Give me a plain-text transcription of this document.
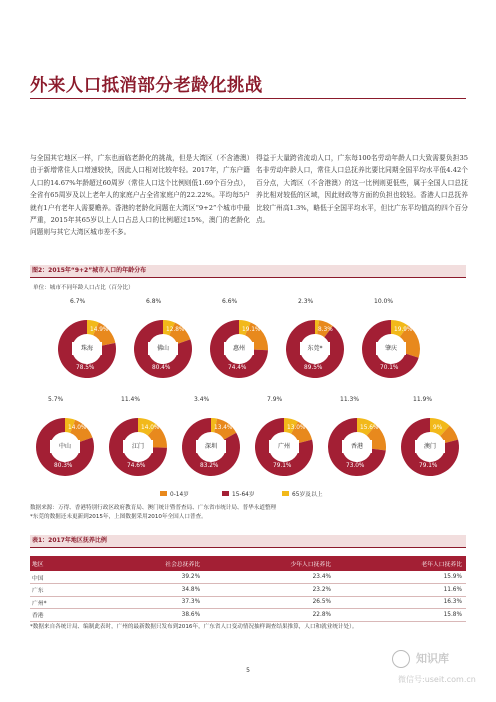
外来人口抵消部分老龄化挑战
与全国其它地区一样，广东也面临老龄化的挑战，但是大湾区（不含港澳）由于新增常住人口增速较快，因此人口相对比较年轻。2017年，广东户籍人口的14.67%年龄超过60周岁（常住人口这个比例则低1.69个百分点），全省有65周岁及以上老年人的家庭户占全省家庭户的22.22%。平均每5户就有1户有老年人需要赡养。香港的老龄化问题在大湾区“9+2”个城市中最严重，2015年其65岁以上人口占总人口的比例超过15%，澳门的老龄化问题则与其它大湾区城市差不多。
得益于大量跨省流动人口，广东每100名劳动年龄人口大致需要负担35名非劳动年龄人口，常住人口总抚养比要比同期全国平均水平低4.42个百分点，大湾区（不含港澳）的这一比例则更低些，属于全国人口总抚养比相对较低的区域，因此财政等方面的负担也较轻。香港人口总抚养比较广州高1.3%，略低于全国平均水平，但比广东平均值高的四个百分点。
图2：2015年“9+2”城市人口的年龄分布
单位：城市不同年龄人口占比（百分比）
珠海
14.9%
78.5%
6.7%
佛山
12.8%
80.4%
6.8%
惠州
19.1%
74.4%
6.6%
东莞*
8.3%
89.5%
2.3%
肇庆
19.9%
70.1%
10.0%
中山
14.0%
80.3%
5.7%
江门
14.0%
74.6%
11.4%
深圳
13.4%
83.2%
3.4%
广州
13.0%
79.1%
7.9%
香港
15.6%
73.0%
11.3%
澳门
9%
79.1%
11.9%
0-14岁	15-64岁	65岁及以上
数据来源：万得、香港特别行政区政府教育局、澳门统计暨普查局、广东省市统计局、普华永道整理
*东莞的数据还未更新到2015年，上图数据采用2010年全国人口普查。
表1：2017年地区抚养比例
地区	社会总抚养比	少年人口抚养比	老年人口抚养比
中国	39.2%	23.4%	15.9%
广东	34.8%	23.2%	11.6%
广州*	37.3%	26.5%	16.3%
香港	38.6%	22.8%	15.8%
*数据来自各统计局、编制此表时，广州的最新数据只发布到2016年，广东省人口变动情况抽样调查结果推算，人口和就业统计处）。
5
知识库
微信号:useit.com.cn
